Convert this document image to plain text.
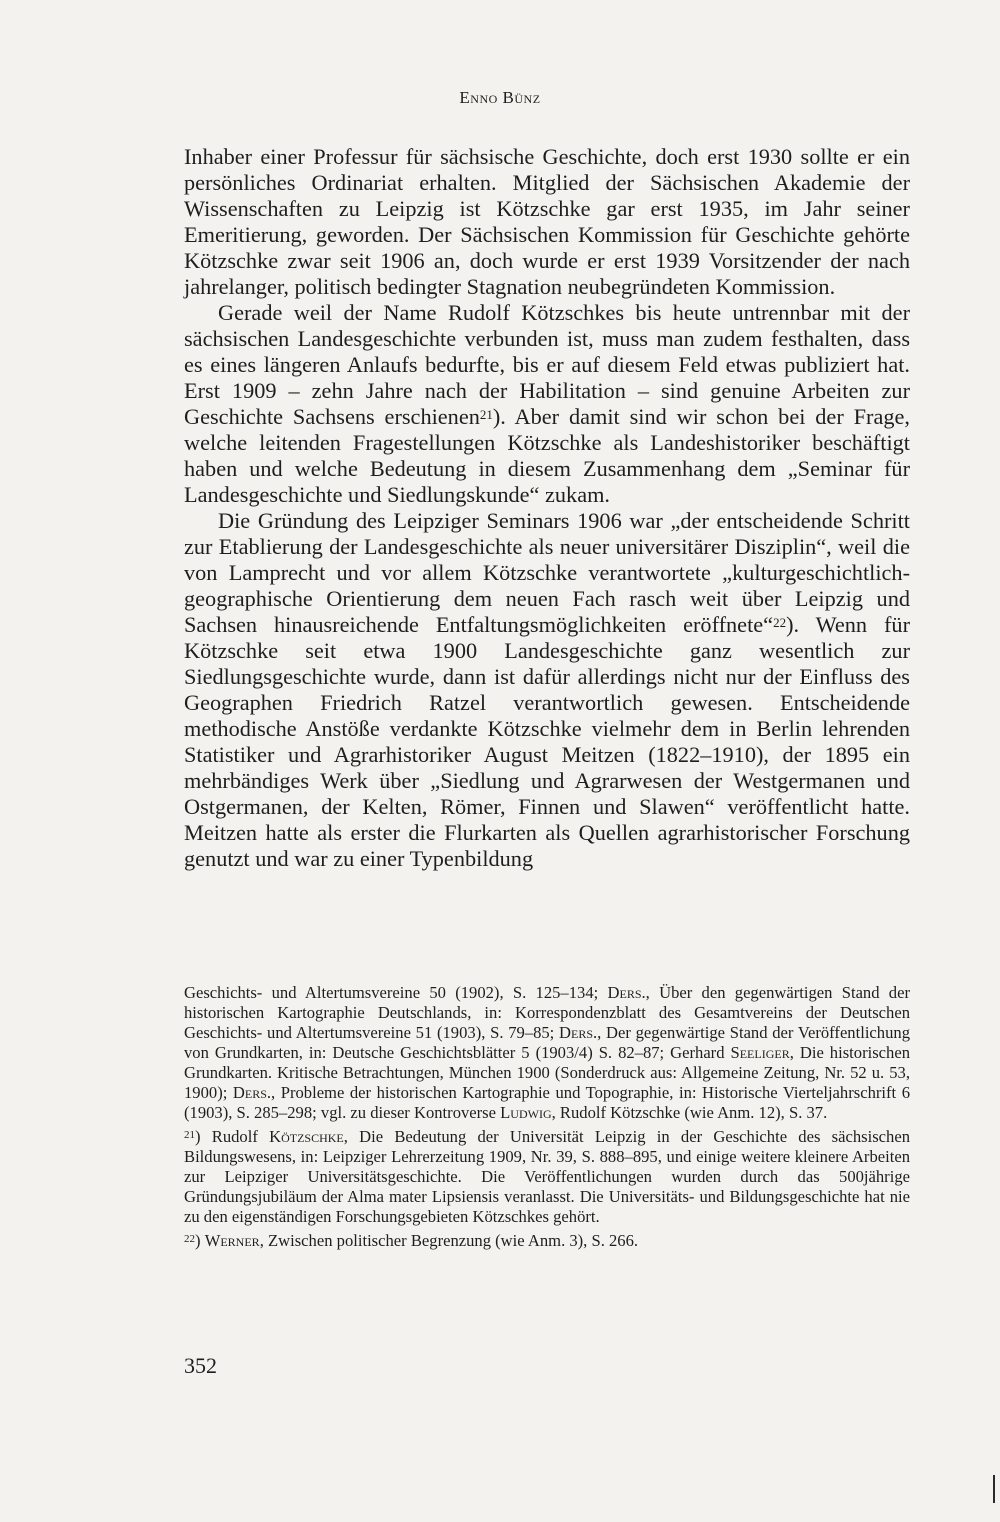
Enno Bünz

Inhaber einer Professur für sächsische Geschichte, doch erst 1930 sollte er ein persönliches Ordinariat erhalten. Mitglied der Sächsischen Akademie der Wissenschaften zu Leipzig ist Kötzschke gar erst 1935, im Jahr seiner Emeritierung, geworden. Der Sächsischen Kommission für Geschichte gehörte Kötzschke zwar seit 1906 an, doch wurde er erst 1939 Vorsitzender der nach jahrelanger, politisch bedingter Stagnation neubegründeten Kommission.

Gerade weil der Name Rudolf Kötzschkes bis heute untrennbar mit der sächsischen Landesgeschichte verbunden ist, muss man zudem festhalten, dass es eines längeren Anlaufs bedurfte, bis er auf diesem Feld etwas publiziert hat. Erst 1909 – zehn Jahre nach der Habilitation – sind genuine Arbeiten zur Geschichte Sachsens erschienen$^{21}$). Aber damit sind wir schon bei der Frage, welche leitenden Fragestellungen Kötzschke als Landeshistoriker beschäftigt haben und welche Bedeutung in diesem Zusammenhang dem „Seminar für Landesgeschichte und Siedlungskunde“ zukam.

Die Gründung des Leipziger Seminars 1906 war „der entscheidende Schritt zur Etablierung der Landesgeschichte als neuer universitärer Disziplin“, weil die von Lamprecht und vor allem Kötzschke verantwortete „kulturgeschichtlich-geographische Orientierung dem neuen Fach rasch weit über Leipzig und Sachsen hinausreichende Entfaltungsmöglichkeiten eröffnete“$^{22}$). Wenn für Kötzschke seit etwa 1900 Landesgeschichte ganz wesentlich zur Siedlungsgeschichte wurde, dann ist dafür allerdings nicht nur der Einfluss des Geographen Friedrich Ratzel verantwortlich gewesen. Entscheidende methodische Anstöße verdankte Kötzschke vielmehr dem in Berlin lehrenden Statistiker und Agrarhistoriker August Meitzen (1822–1910), der 1895 ein mehrbändiges Werk über „Siedlung und Agrarwesen der Westgermanen und Ostgermanen, der Kelten, Römer, Finnen und Slawen“ veröffentlicht hatte. Meitzen hatte als erster die Flurkarten als Quellen agrarhistorischer Forschung genutzt und war zu einer Typenbildung

Geschichts- und Altertumsvereine 50 (1902), S. 125–134; Ders., Über den gegenwärtigen Stand der historischen Kartographie Deutschlands, in: Korrespondenzblatt des Gesamtvereins der Deutschen Geschichts- und Altertumsvereine 51 (1903), S. 79–85; Ders., Der gegenwärtige Stand der Veröffentlichung von Grundkarten, in: Deutsche Geschichtsblätter 5 (1903/4) S. 82–87; Gerhard Seeliger, Die historischen Grundkarten. Kritische Betrachtungen, München 1900 (Sonderdruck aus: Allgemeine Zeitung, Nr. 52 u. 53, 1900); Ders., Probleme der historischen Kartographie und Topographie, in: Historische Vierteljahrschrift 6 (1903), S. 285–298; vgl. zu dieser Kontroverse Ludwig, Rudolf Kötzschke (wie Anm. 12), S. 37.

$^{21}$) Rudolf Kötzschke, Die Bedeutung der Universität Leipzig in der Geschichte des sächsischen Bildungswesens, in: Leipziger Lehrerzeitung 1909, Nr. 39, S. 888–895, und einige weitere kleinere Arbeiten zur Leipziger Universitätsgeschichte. Die Veröffentlichungen wurden durch das 500jährige Gründungsjubiläum der Alma mater Lipsiensis veranlasst. Die Universitäts- und Bildungsgeschichte hat nie zu den eigenständigen Forschungsgebieten Kötzschkes gehört.

$^{22}$) Werner, Zwischen politischer Begrenzung (wie Anm. 3), S. 266.

352
